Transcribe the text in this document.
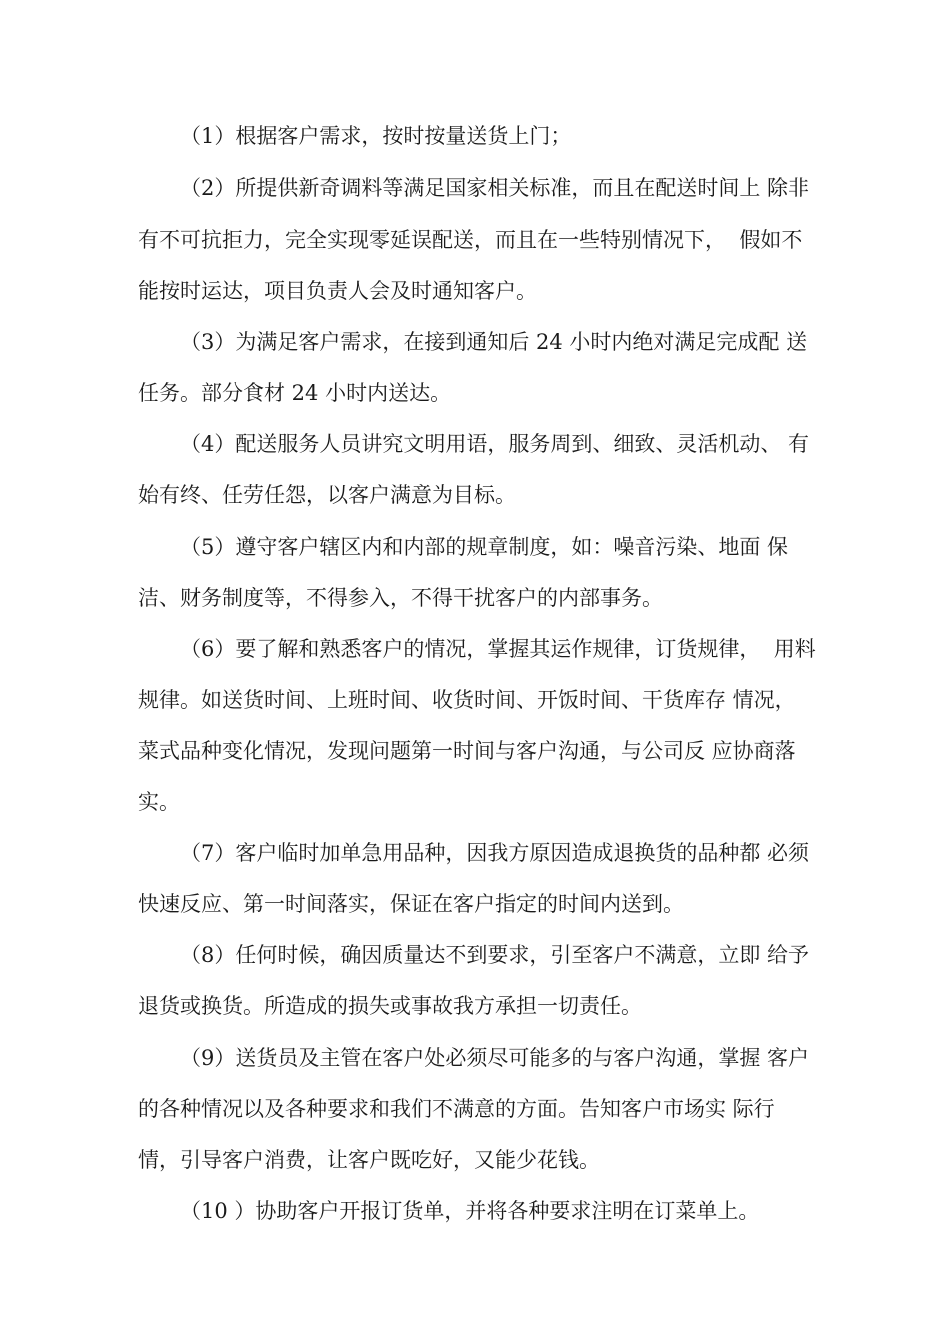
（1）根据客户需求，按时按量送货上门；

（2）所提供新奇调料等满足国家相关标准，而且在配送时间上 除非

有不可抗拒力，完全实现零延误配送，而且在一些特别情况下，  假如不

能按时运达，项目负责人会及时通知客户。

（3）为满足客户需求，在接到通知后 24 小时内绝对满足完成配 送

任务。部分食材 24 小时内送达。

（4）配送服务人员讲究文明用语，服务周到、细致、灵活机动、 有

始有终、任劳任怨，以客户满意为目标。

（5）遵守客户辖区内和内部的规章制度，如：噪音污染、地面 保

洁、财务制度等，不得参入，不得干扰客户的内部事务。

（6）要了解和熟悉客户的情况，掌握其运作规律，订货规律，  用料

规律。如送货时间、上班时间、收货时间、开饭时间、干货库存 情况，

菜式品种变化情况，发现问题第一时间与客户沟通，与公司反 应协商落

实。

（7）客户临时加单急用品种，因我方原因造成退换货的品种都 必须

快速反应、第一时间落实，保证在客户指定的时间内送到。

（8）任何时候，确因质量达不到要求，引至客户不满意，立即 给予

退货或换货。所造成的损失或事故我方承担一切责任。

（9）送货员及主管在客户处必须尽可能多的与客户沟通，掌握 客户

的各种情况以及各种要求和我们不满意的方面。告知客户市场实 际行

情，引导客户消费，让客户既吃好，又能少花钱。

（10 ）协助客户开报订货单，并将各种要求注明在订菜单上。
